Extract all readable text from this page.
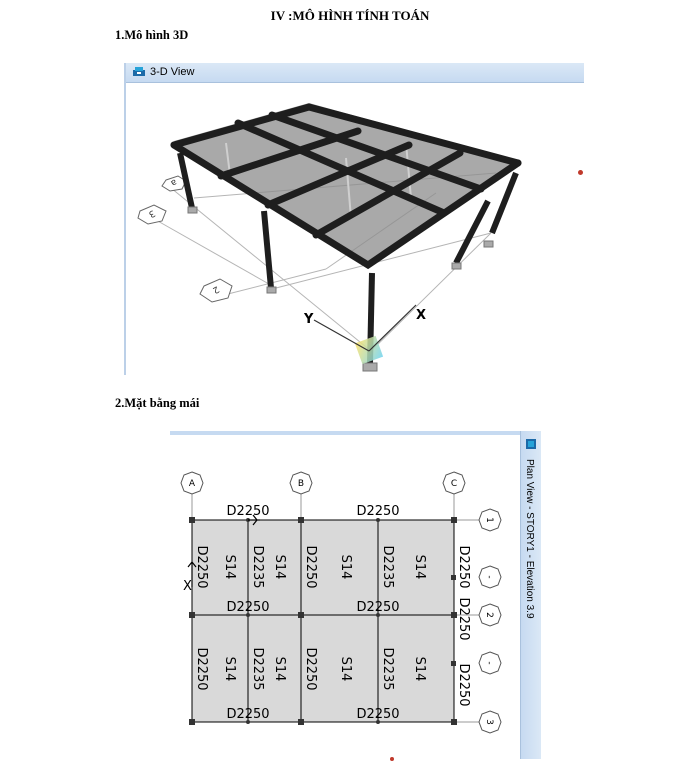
IV :MÔ HÌNH TÍNH TOÁN
1.Mô hình 3D
3-D View
a
3
2
Y	X
2.Mặt bằng mái
Plan View - STORY1 - Elevation 3.9
A	B	C
1
-
2
-
3
D2250	D2250
D2250	D2250
D2250	D2250
D2250	D2235	D2250	D2235	D2250
D2250	D2235	D2250	D2235
D2250
D2250
S14	S14	S14	S14
S14	S14	S14	S14
X
